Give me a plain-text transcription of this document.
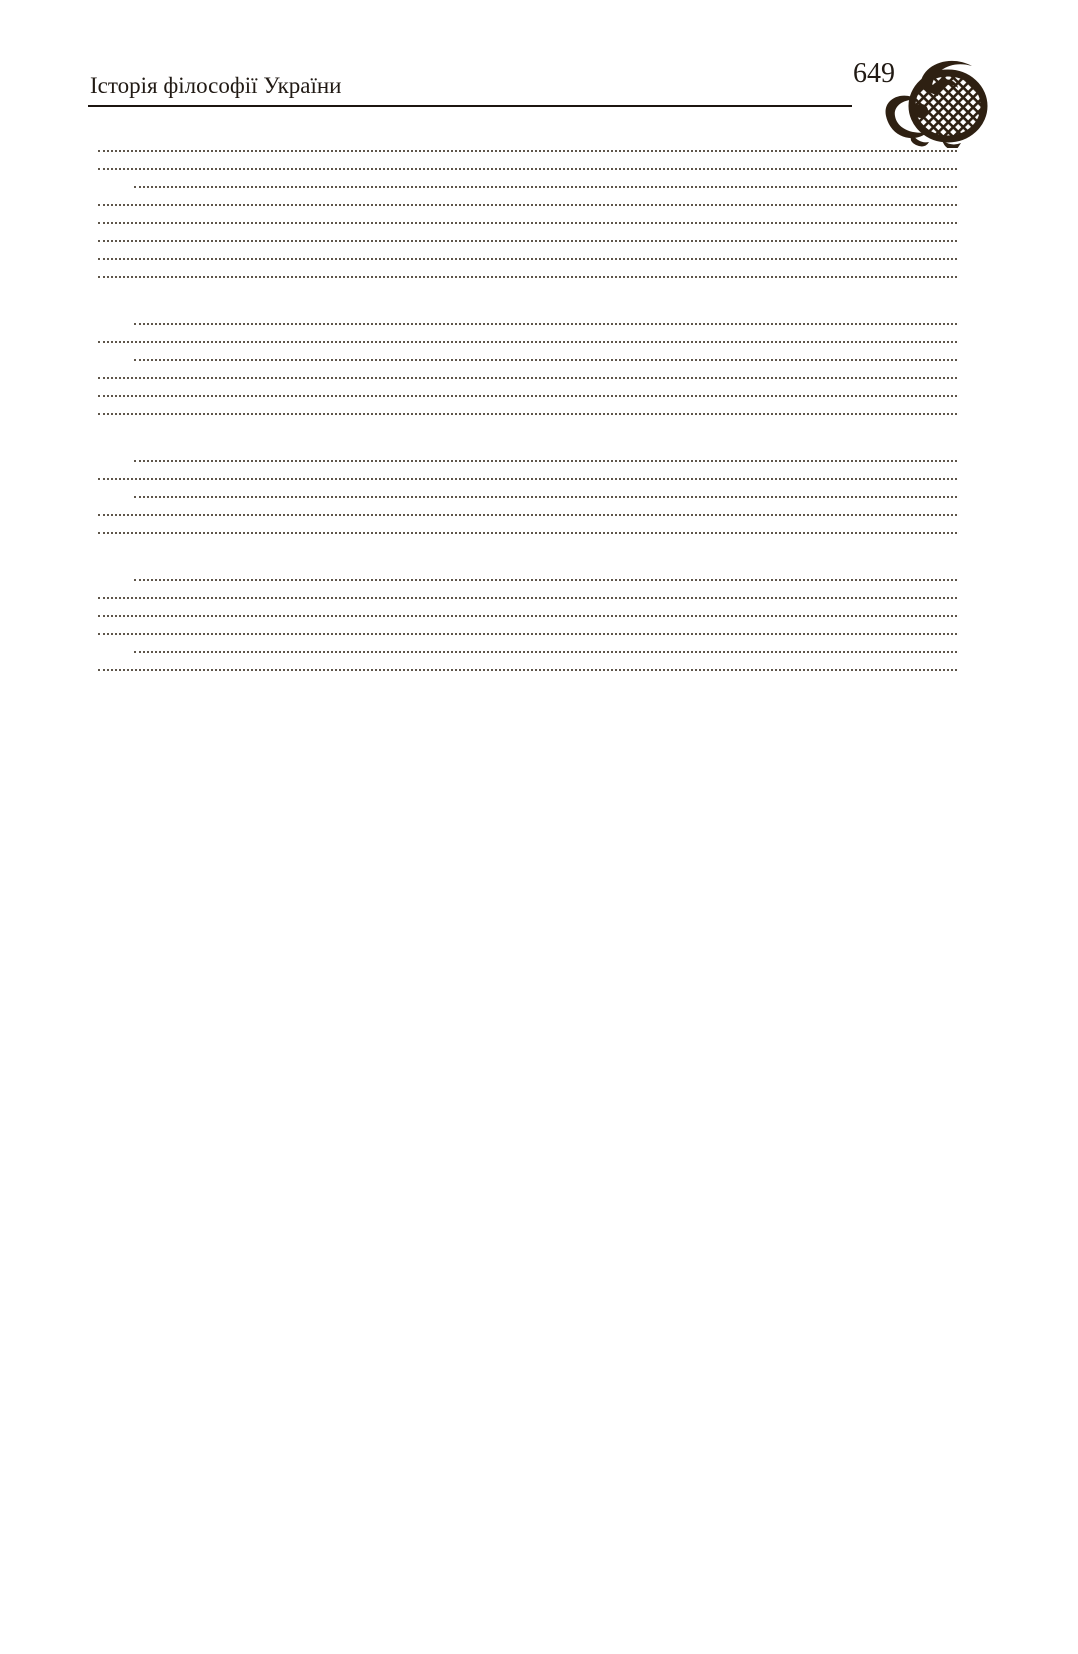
Історія філософії України	649
